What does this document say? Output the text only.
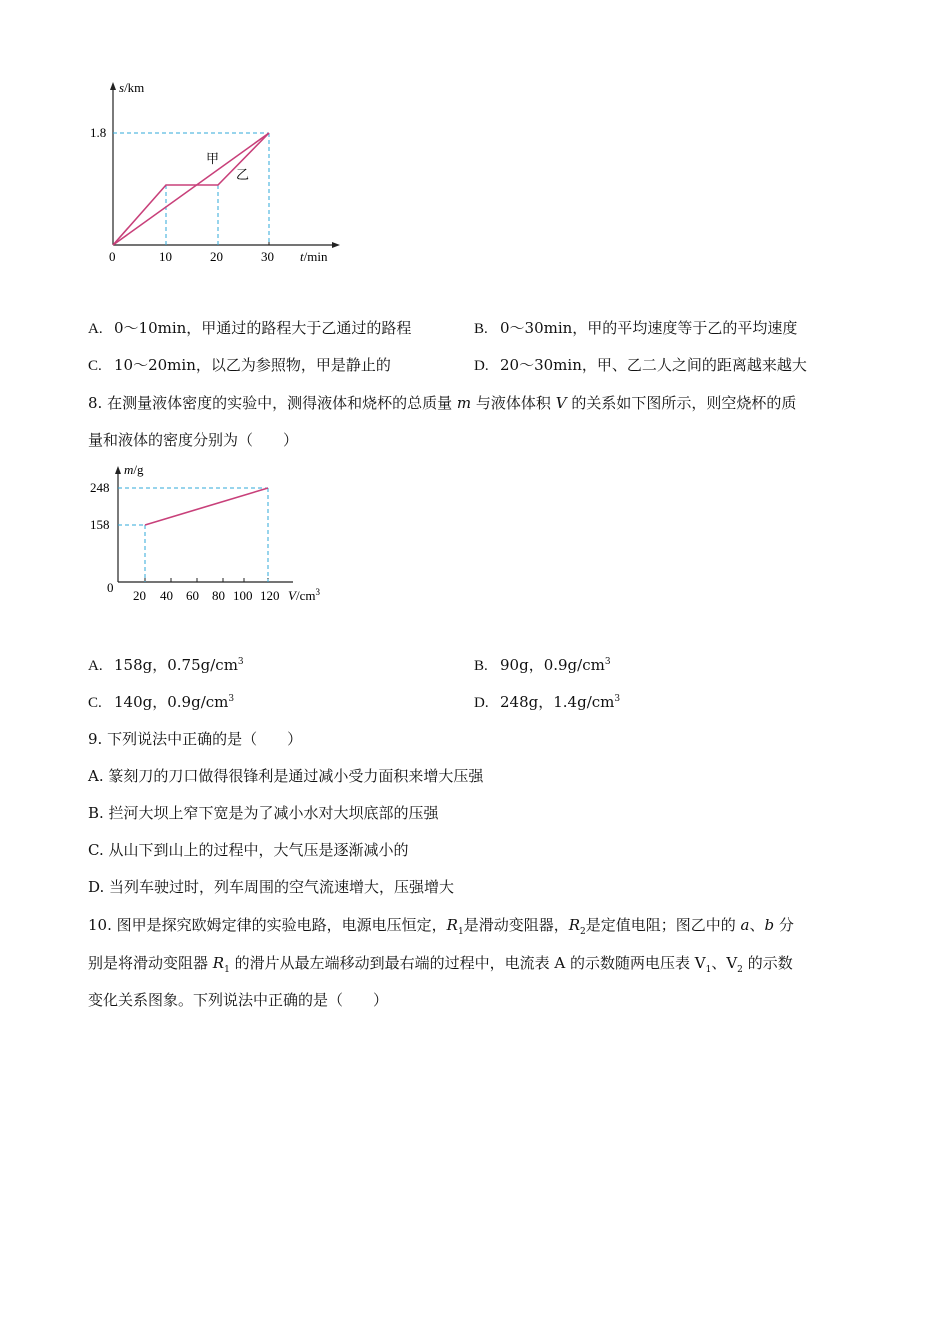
s/km
1.8
0	10	20	30 t/min
甲
乙
A. 0～10min，甲通过的路程大于乙通过的路程	B. 0～30min，甲的平均速度等于乙的平均速度
C. 10～20min，以乙为参照物，甲是静止的	D. 20～30min，甲、乙二人之间的距离越来越大
8. 在测量液体密度的实验中，测得液体和烧杯的总质量 m 与液体体积 V 的关系如下图所示，则空烧杯的质
量和液体的密度分别为（　　）
m/g
248
158
0
20 40 60 80 100 120 $V/cm^3$
A. 158g，$0.75g/cm^3$	B. 90g，$0.9g/cm^3$
C. 140g，$0.9g/cm^3$	D. 248g，$1.4g/cm^3$
9. 下列说法中正确的是（　　）
A. 篆刻刀的刀口做得很锋利是通过减小受力面积来增大压强
B. 拦河大坝上窄下宽是为了减小水对大坝底部的压强
C. 从山下到山上的过程中，大气压是逐渐减小的
D. 当列车驶过时，列车周围的空气流速增大，压强增大
10. 图甲是探究欧姆定律的实验电路，电源电压恒定，$R_1$是滑动变阻器，$R_2$是定值电阻；图乙中的 a、b 分
别是将滑动变阻器 $R_1$ 的滑片从最左端移动到最右端的过程中，电流表 A 的示数随两电压表 $V_1$、$V_2$ 的示数
变化关系图象。下列说法中正确的是（　　）
